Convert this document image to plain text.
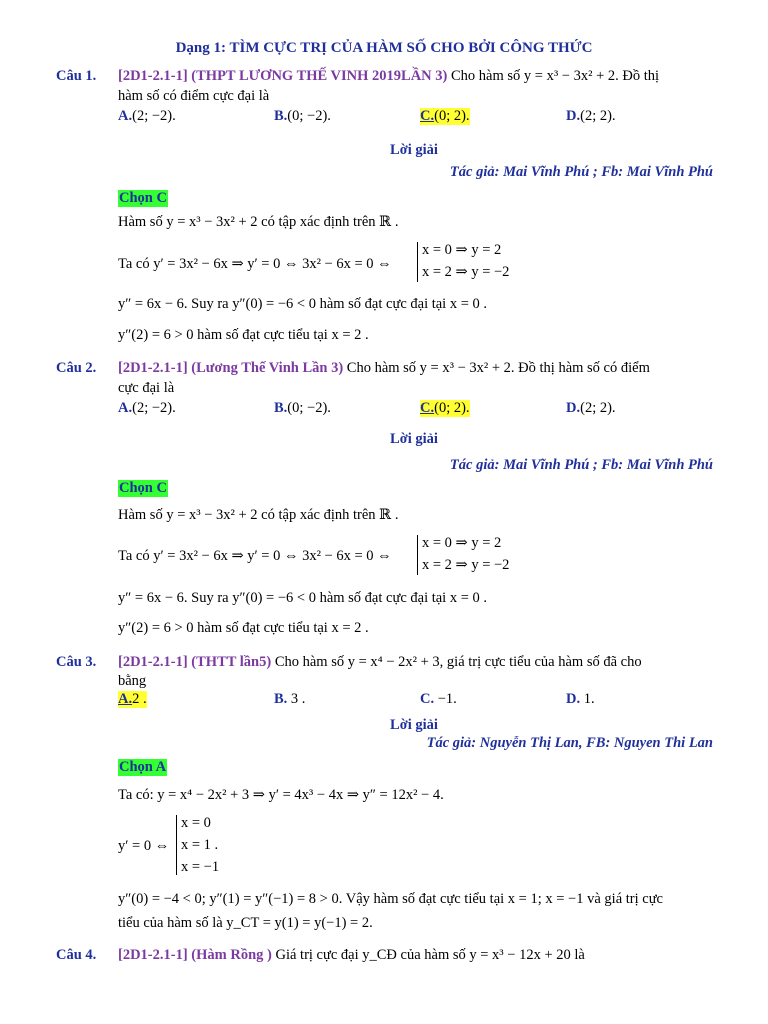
Dạng 1: TÌM CỰC TRỊ CỦA HÀM SỐ CHO BỞI CÔNG THỨC
Câu 1. [2D1-2.1-1] (THPT LƯƠNG THẾ VINH 2019LẦN 3) Cho hàm số y = x³ − 3x² + 2. Đồ thị
hàm số có điểm cực đại là
A.(2; −2).	B.(0; −2).	C.(0; 2).	D.(2; 2).
Lời giải
Tác giả: Mai Vĩnh Phú ; Fb: Mai Vĩnh Phú
Chọn C
Hàm số y = x³ − 3x² + 2 có tập xác định trên ℝ .
Ta có y′ = 3x² − 6x ⇒ y′ = 0 ⇔ 3x² − 6x = 0 ⇔
x = 0 ⇒ y = 2
x = 2 ⇒ y = −2
y″ = 6x − 6. Suy ra y″(0) = −6 < 0 hàm số đạt cực đại tại x = 0 .
y″(2) = 6 > 0 hàm số đạt cực tiểu tại x = 2 .
Câu 2. [2D1-2.1-1] (Lương Thế Vinh Lần 3) Cho hàm số y = x³ − 3x² + 2. Đồ thị hàm số có điểm
cực đại là
A.(2; −2).	B.(0; −2).	C.(0; 2).	D.(2; 2).
Lời giải
Tác giả: Mai Vĩnh Phú ; Fb: Mai Vĩnh Phú
Chọn C
Hàm số y = x³ − 3x² + 2 có tập xác định trên ℝ .
Ta có y′ = 3x² − 6x ⇒ y′ = 0 ⇔ 3x² − 6x = 0 ⇔
x = 0 ⇒ y = 2
x = 2 ⇒ y = −2
y″ = 6x − 6. Suy ra y″(0) = −6 < 0 hàm số đạt cực đại tại x = 0 .
y″(2) = 6 > 0 hàm số đạt cực tiểu tại x = 2 .
Câu 3. [2D1-2.1-1] (THTT lần5) Cho hàm số y = x⁴ − 2x² + 3, giá trị cực tiểu của hàm số đã cho
bằng
A.2 .	B. 3 .	C. −1.	D. 1.
Lời giải
Tác giả: Nguyễn Thị Lan, FB: Nguyen Thi Lan
Chọn A
Ta có: y = x⁴ − 2x² + 3 ⇒ y′ = 4x³ − 4x ⇒ y″ = 12x² − 4.
y′ = 0 ⇔
x = 0
x = 1 .
x = −1
y″(0) = −4 < 0; y″(1) = y″(−1) = 8 > 0. Vậy hàm số đạt cực tiểu tại x = 1; x = −1 và giá trị cực
tiểu của hàm số là y_CT = y(1) = y(−1) = 2.
Câu 4. [2D1-2.1-1] (Hàm Rồng ) Giá trị cực đại y_CĐ của hàm số y = x³ − 12x + 20 là
